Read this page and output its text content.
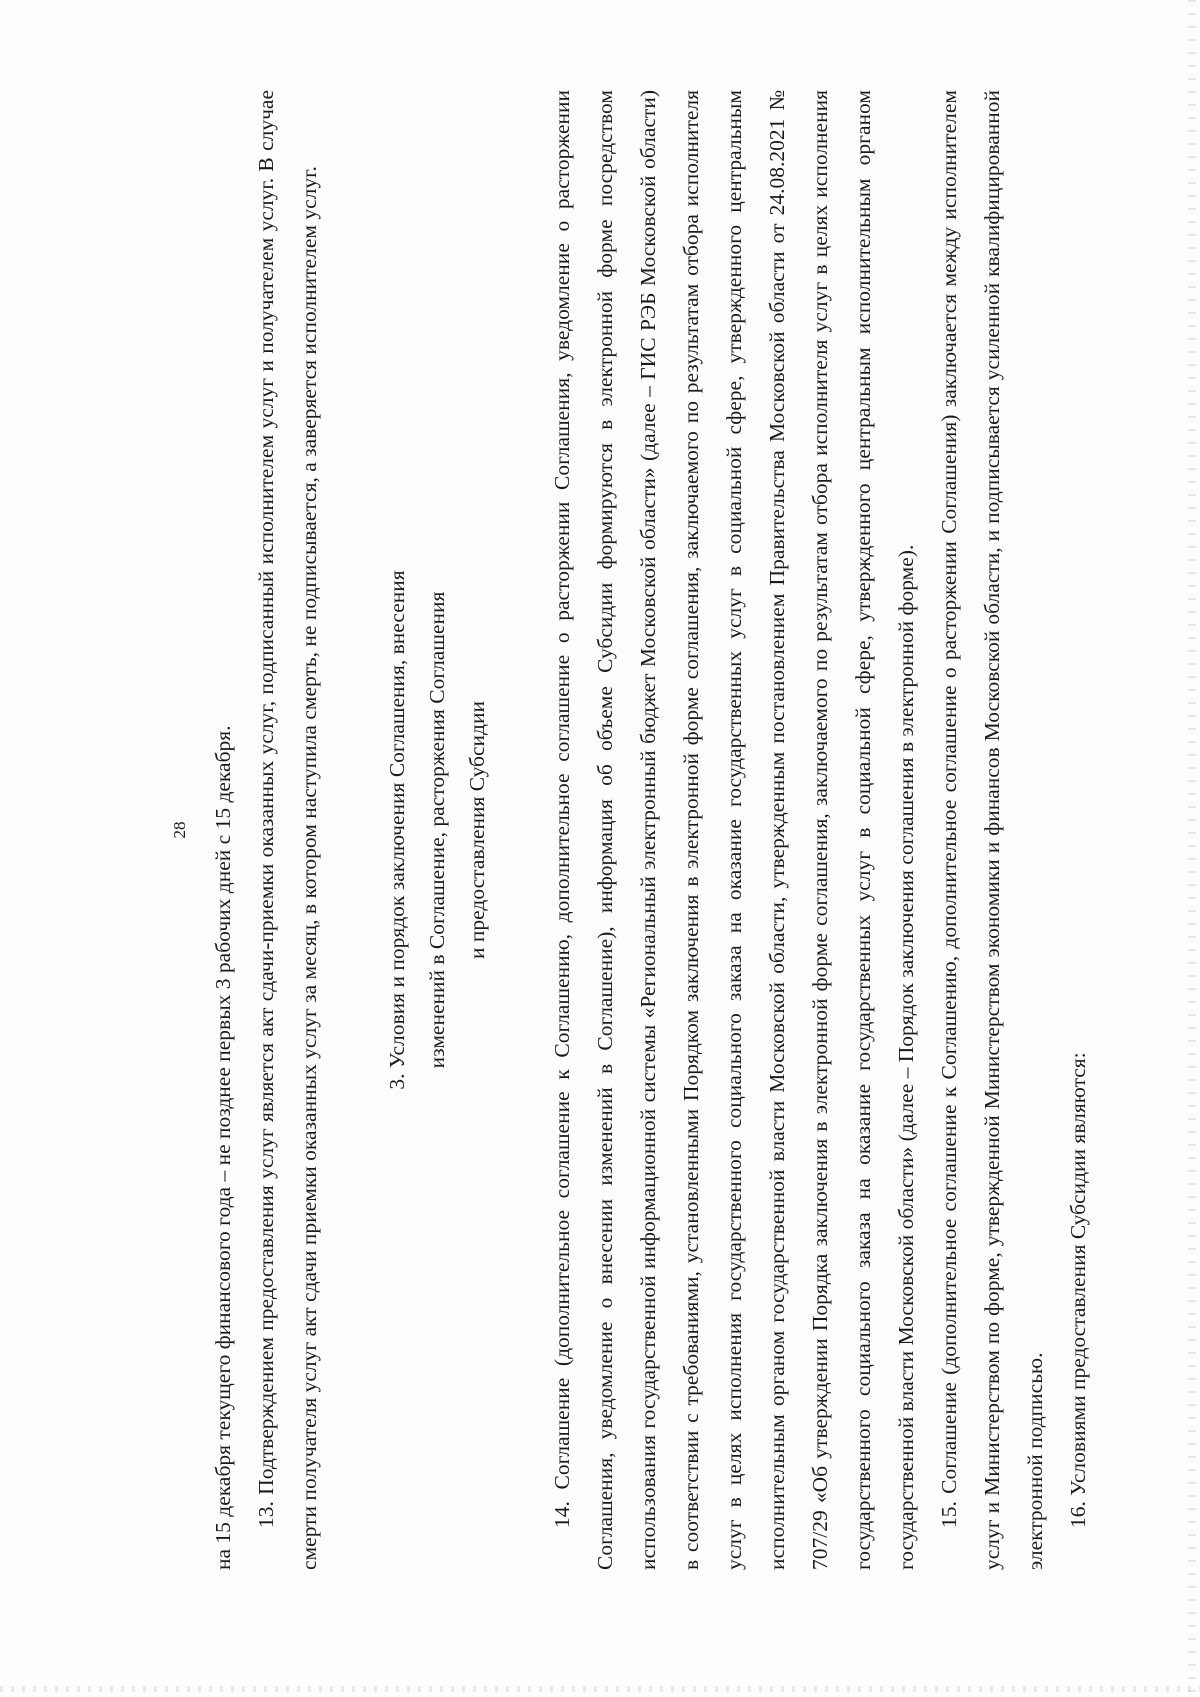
28	на 15 декабря текущего финансового года – не позднее первых 3 рабочих дней с 15 декабря. 13. Подтверждением предоставления услуг является акт сдачи-приемки оказанных услуг, подписанный исполнителем услуг и получателем услуг. В случае смерти получателя услуг акт сдачи приемки оказанных услуг за месяц, в котором наступила смерть, не подписывается, а заверяется исполнителем услуг.	3. Условия и порядок заключения Соглашения, внесения изменений в Соглашение, расторжения Соглашения и предоставления Субсидии	14. Соглашение (дополнительное соглашение к Соглашению, дополнительное соглашение о расторжении Соглашения, уведомление о расторжении Соглашения, уведомление о внесении изменений в Соглашение), информация об объеме Субсидии формируются в электронной форме посредством использования государственной информационной системы «Региональный электронный бюджет Московской области» (далее – ГИС РЭБ Московской области) в соответствии с требованиями, установленными Порядком заключения в электронной форме соглашения, заключаемого по результатам отбора исполнителя услуг в целях исполнения государственного социального заказа на оказание государственных услуг в социальной сфере, утвержденного центральным исполнительным органом государственной власти Московской области, утвержденным постановлением Правительства Московской области от 24.08.2021 № 707/29 «Об утверждении Порядка заключения в электронной форме соглашения, заключаемого по результатам отбора исполнителя услуг в целях исполнения государственного социального заказа на оказание государственных услуг в социальной сфере, утвержденного центральным исполнительным органом государственной власти Московской области» (далее – Порядок заключения соглашения в электронной форме). 15. Соглашение (дополнительное соглашение к Соглашению, дополнительное соглашение о расторжении Соглашения) заключается между исполнителем услуг и Министерством по форме, утвержденной Министерством экономики и финансов Московской области, и подписывается усиленной квалифицированной электронной подписью. 16. Условиями предоставления Субсидии являются:
